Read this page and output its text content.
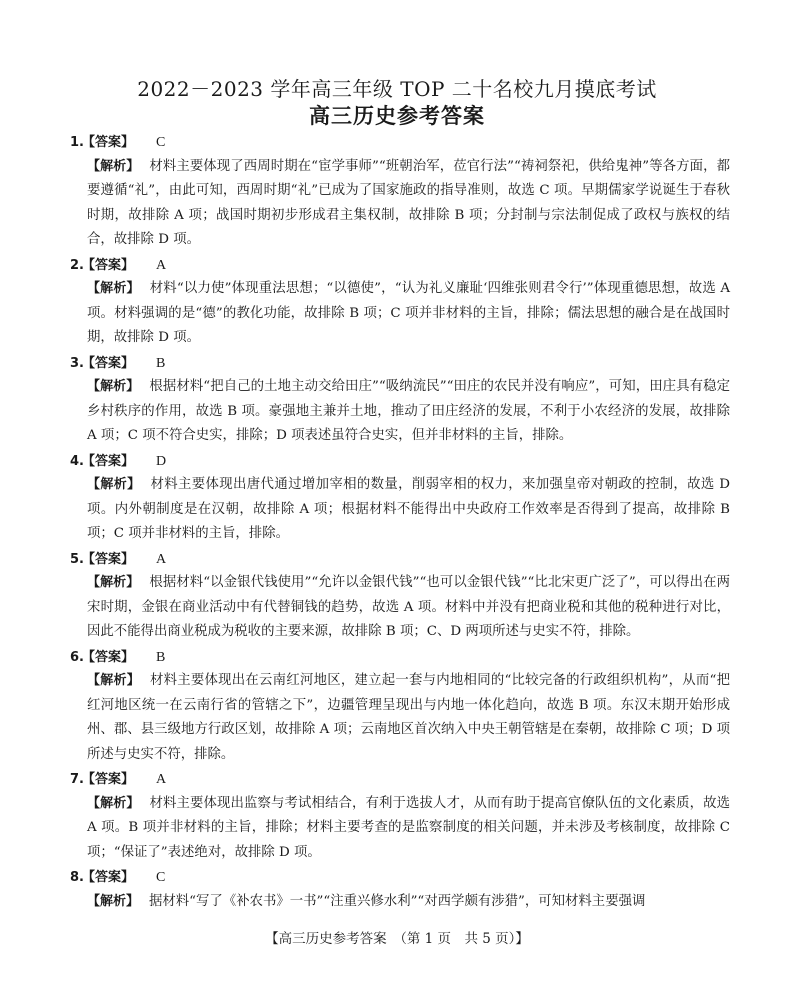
2022－2023 学年高三年级 TOP 二十名校九月摸底考试
高三历史参考答案
1.【答案】 C
【解析】 材料主要体现了西周时期在“宦学事师”“班朝治军，莅官行法”“祷祠祭祀，供给鬼神”等各方面，都要遵循“礼”，由此可知，西周时期“礼”已成为了国家施政的指导准则，故选 C 项。早期儒家学说诞生于春秋时期，故排除 A 项；战国时期初步形成君主集权制，故排除 B 项；分封制与宗法制促成了政权与族权的结合，故排除 D 项。
2.【答案】 A
【解析】 材料“以力使”体现重法思想；“以德使”，“认为礼义廉耻‘四维张则君令行’”体现重德思想，故选 A 项。材料强调的是“德”的教化功能，故排除 B 项；C 项并非材料的主旨，排除；儒法思想的融合是在战国时期，故排除 D 项。
3.【答案】 B
【解析】 根据材料“把自己的土地主动交给田庄”“吸纳流民”“田庄的农民并没有响应”，可知，田庄具有稳定乡村秩序的作用，故选 B 项。豪强地主兼并土地，推动了田庄经济的发展，不利于小农经济的发展，故排除 A 项；C 项不符合史实，排除；D 项表述虽符合史实，但并非材料的主旨，排除。
4.【答案】 D
【解析】 材料主要体现出唐代通过增加宰相的数量，削弱宰相的权力，来加强皇帝对朝政的控制，故选 D 项。内外朝制度是在汉朝，故排除 A 项；根据材料不能得出中央政府工作效率是否得到了提高，故排除 B 项；C 项并非材料的主旨，排除。
5.【答案】 A
【解析】 根据材料“以金银代钱使用”“允许以金银代钱”“也可以金银代钱”“比北宋更广泛了”，可以得出在两宋时期，金银在商业活动中有代替铜钱的趋势，故选 A 项。材料中并没有把商业税和其他的税种进行对比，因此不能得出商业税成为税收的主要来源，故排除 B 项；C、D 两项所述与史实不符，排除。
6.【答案】 B
【解析】 材料主要体现出在云南红河地区，建立起一套与内地相同的“比较完备的行政组织机构”，从而“把红河地区统一在云南行省的管辖之下”，边疆管理呈现出与内地一体化趋向，故选 B 项。东汉末期开始形成州、郡、县三级地方行政区划，故排除 A 项；云南地区首次纳入中央王朝管辖是在秦朝，故排除 C 项；D 项所述与史实不符，排除。
7.【答案】 A
【解析】 材料主要体现出监察与考试相结合，有利于选拔人才，从而有助于提高官僚队伍的文化素质，故选 A 项。B 项并非材料的主旨，排除；材料主要考查的是监察制度的相关问题，并未涉及考核制度，故排除 C 项；“保证了”表述绝对，故排除 D 项。
8.【答案】 C
【解析】 据材料“写了《补农书》一书”“注重兴修水利”“对西学颇有涉猎”，可知材料主要强调
【高三历史参考答案　（第 1 页　共 5 页）】
